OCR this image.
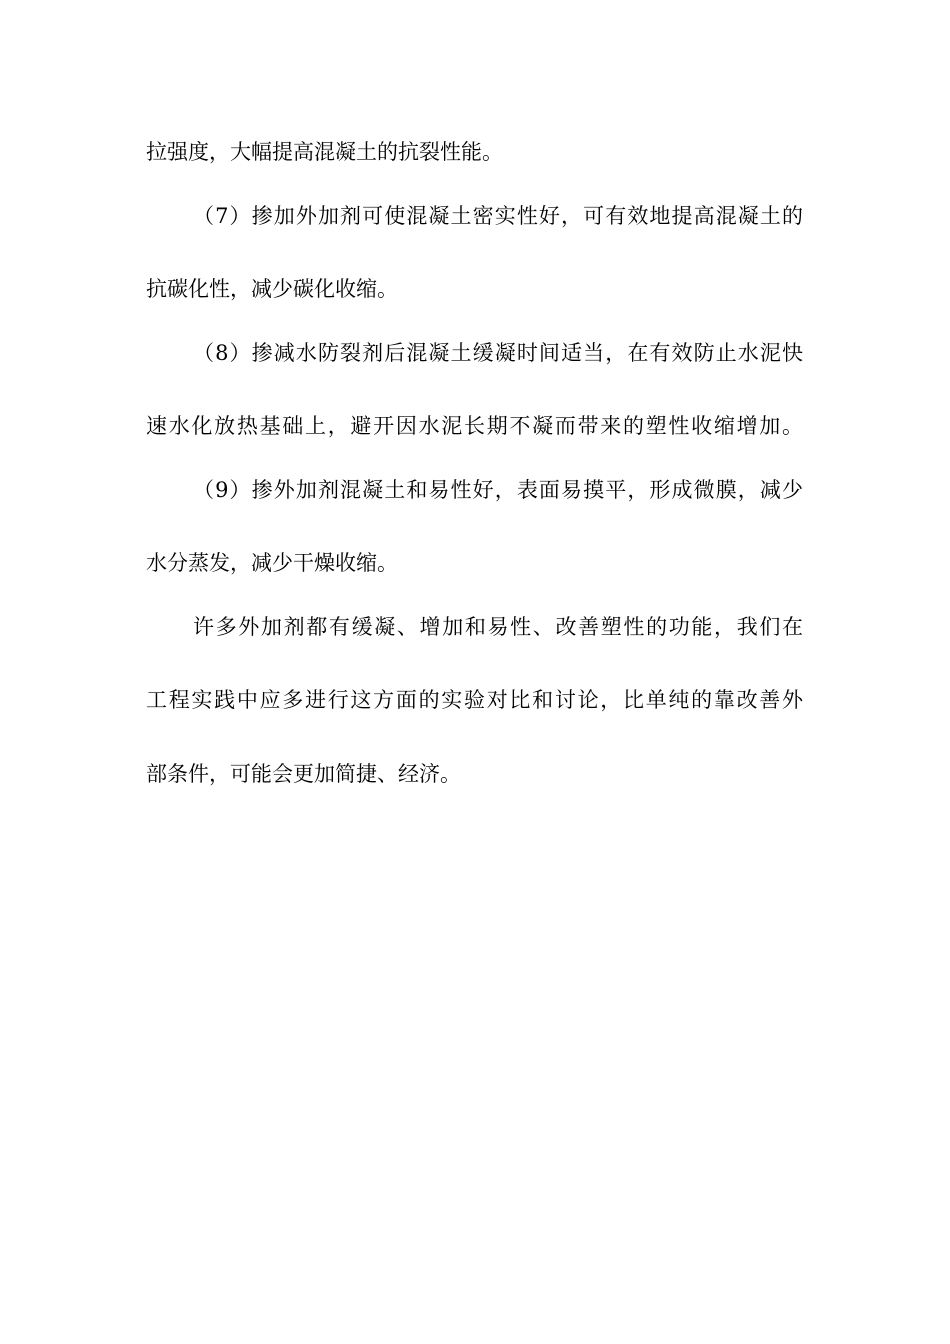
拉强度，大幅提高混凝土的抗裂性能。
（7）掺加外加剂可使混凝土密实性好，可有效地提高混凝土的
抗碳化性，减少碳化收缩。
（8）掺减水防裂剂后混凝土缓凝时间适当，在有效防止水泥快
速水化放热基础上，避开因水泥长期不凝而带来的塑性收缩增加。
（9）掺外加剂混凝土和易性好，表面易摸平，形成微膜，减少
水分蒸发，减少干燥收缩。
许多外加剂都有缓凝、增加和易性、改善塑性的功能，我们在
工程实践中应多进行这方面的实验对比和讨论，比单纯的靠改善外
部条件，可能会更加简捷、经济。
